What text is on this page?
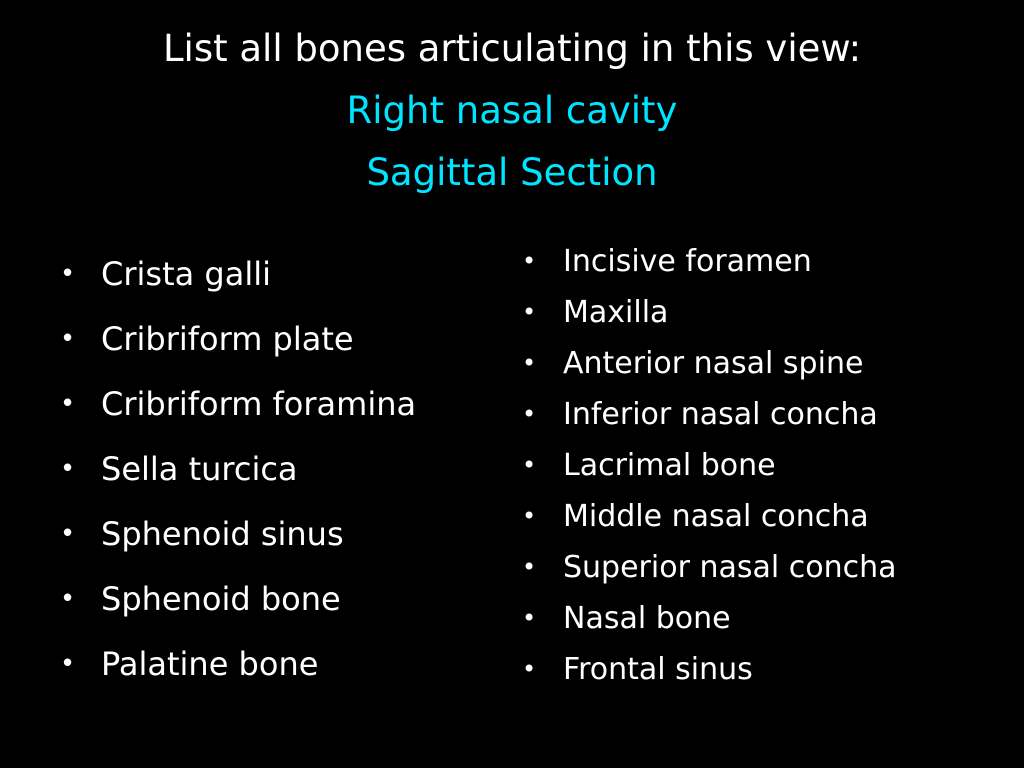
List all bones articulating in this view:
Right nasal cavity
Sagittal Section
• Crista galli
• Cribriform plate
• Cribriform foramina
• Sella turcica
• Sphenoid sinus
• Sphenoid bone
• Palatine bone
• Incisive foramen
• Maxilla
• Anterior nasal spine
• Inferior nasal concha
• Lacrimal bone
• Middle nasal concha
• Superior nasal concha
• Nasal bone
• Frontal sinus
